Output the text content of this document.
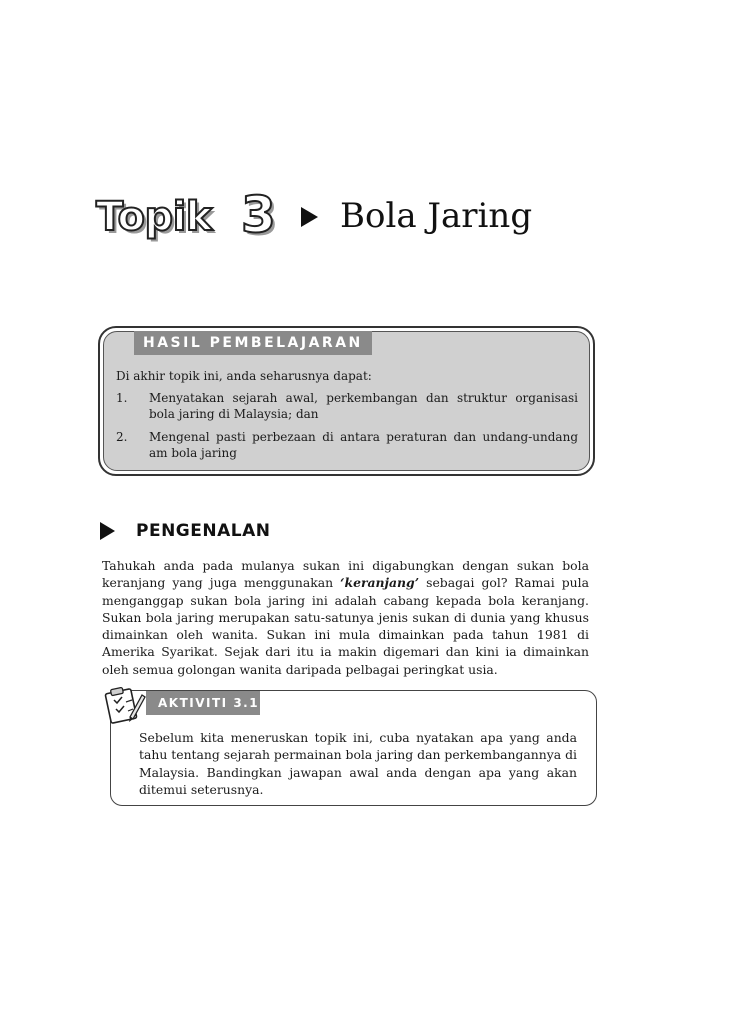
Topik 3 Bola Jaring
HASIL PEMBELAJARAN
Di akhir topik ini, anda seharusnya dapat:
1.	Menyatakan sejarah awal, perkembangan dan struktur organisasi bola jaring di Malaysia; dan
2.	Mengenal pasti perbezaan di antara peraturan dan undang-undang am bola jaring
PENGENALAN

Tahukah anda pada mulanya sukan ini digabungkan dengan sukan bola keranjang yang juga menggunakan ‘keranjang’ sebagai gol? Ramai pula menganggap sukan bola jaring ini adalah cabang kepada bola keranjang. Sukan bola jaring merupakan satu-satunya jenis sukan di dunia yang khusus dimainkan oleh wanita. Sukan ini mula dimainkan pada tahun 1981 di Amerika Syarikat. Sejak dari itu ia makin digemari dan kini ia dimainkan oleh semua golongan wanita daripada pelbagai peringkat usia.

AKTIVITI 3.1

Sebelum kita meneruskan topik ini, cuba nyatakan apa yang anda tahu tentang sejarah permainan bola jaring dan perkembangannya di Malaysia. Bandingkan jawapan awal anda dengan apa yang akan ditemui seterusnya.
